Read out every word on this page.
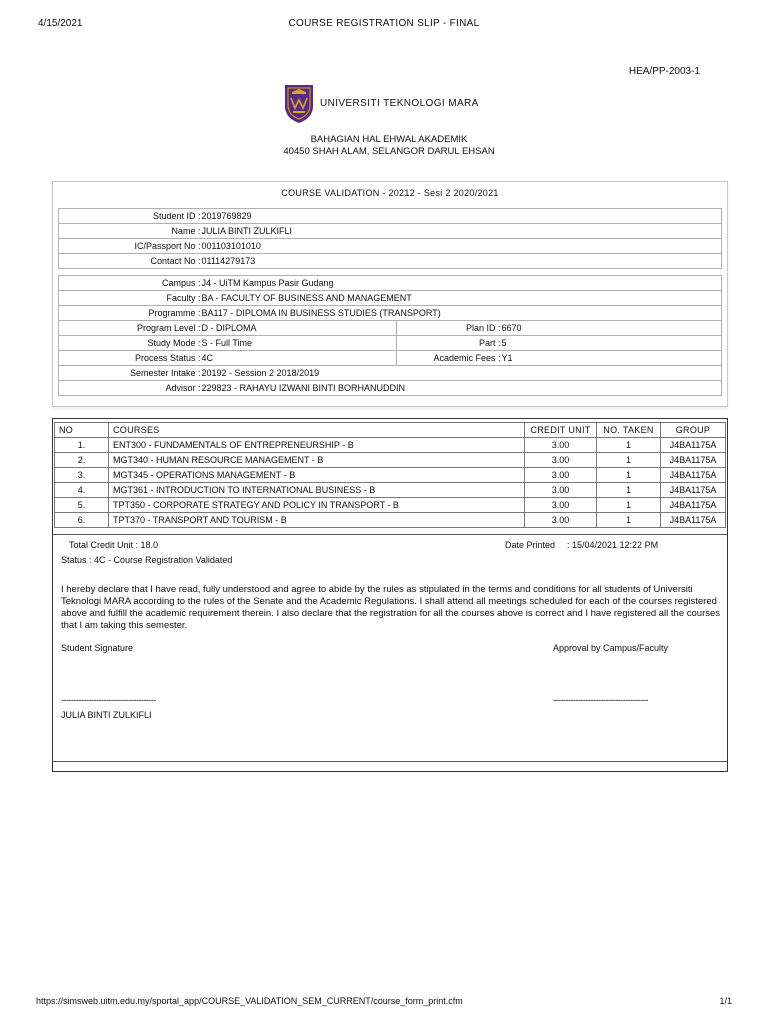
4/15/2021	COURSE REGISTRATION SLIP - FINAL
HEA/PP-2003-1
UNIVERSITI TEKNOLOGI MARA
BAHAGIAN HAL EHWAL AKADEMIK
40450 SHAH ALAM, SELANGOR DARUL EHSAN
COURSE VALIDATION - 20212 - Sesi 2 2020/2021
Student ID :	2019769829
Name :	JULIA BINTI ZULKIFLI
IC/Passport No :	001103101010
Contact No :	01114279173
Campus :	J4 - UiTM Kampus Pasir Gudang		
Faculty :	BA - FACULTY OF BUSINESS AND MANAGEMENT		
Programme :	BA117 - DIPLOMA IN BUSINESS STUDIES (TRANSPORT)		
Program Level :	D - DIPLOMA	Plan ID :	6670
Study Mode :	S - Full Time	Part :	5
Process Status :	4C	Academic Fees :	Y1
Semester Intake :	20192 - Session 2 2018/2019		
Advisor :	229823 - RAHAYU IZWANI BINTI BORHANUDDIN		
NO	COURSES	CREDIT UNIT	NO. TAKEN	GROUP
1.	ENT300 - FUNDAMENTALS OF ENTREPRENEURSHIP - B	3.00	1	J4BA1175A
2.	MGT340 - HUMAN RESOURCE MANAGEMENT - B	3.00	1	J4BA1175A
3.	MGT345 - OPERATIONS MANAGEMENT - B	3.00	1	J4BA1175A
4.	MGT361 - INTRODUCTION TO INTERNATIONAL BUSINESS - B	3.00	1	J4BA1175A
5.	TPT350 - CORPORATE STRATEGY AND POLICY IN TRANSPORT - B	3.00	1	J4BA1175A
6.	TPT370 - TRANSPORT AND TOURISM - B	3.00	1	J4BA1175A
Total Credit Unit : 18.0
Status : 4C - Course Registration Validated
Date Printed : 15/04/2021 12:22 PM
I hereby declare that I have read, fully understood and agree to abide by the rules as stipulated in the terms and conditions for all students of Universiti Teknologi MARA according to the rules of the Senate and the Academic Regulations. I shall attend all meetings scheduled for each of the courses registered above and fulfill the academic requirement therein. I also declare that the registration for all the courses above is correct and I have registered all the courses that I am taking this semester.
Student Signature	Approval by Campus/Faculty
--------------------------------------	--------------------------------------
JULIA BINTI ZULKIFLI
https://simsweb.uitm.edu.my/sportal_app/COURSE_VALIDATION_SEM_CURRENT/course_form_print.cfm	1/1
